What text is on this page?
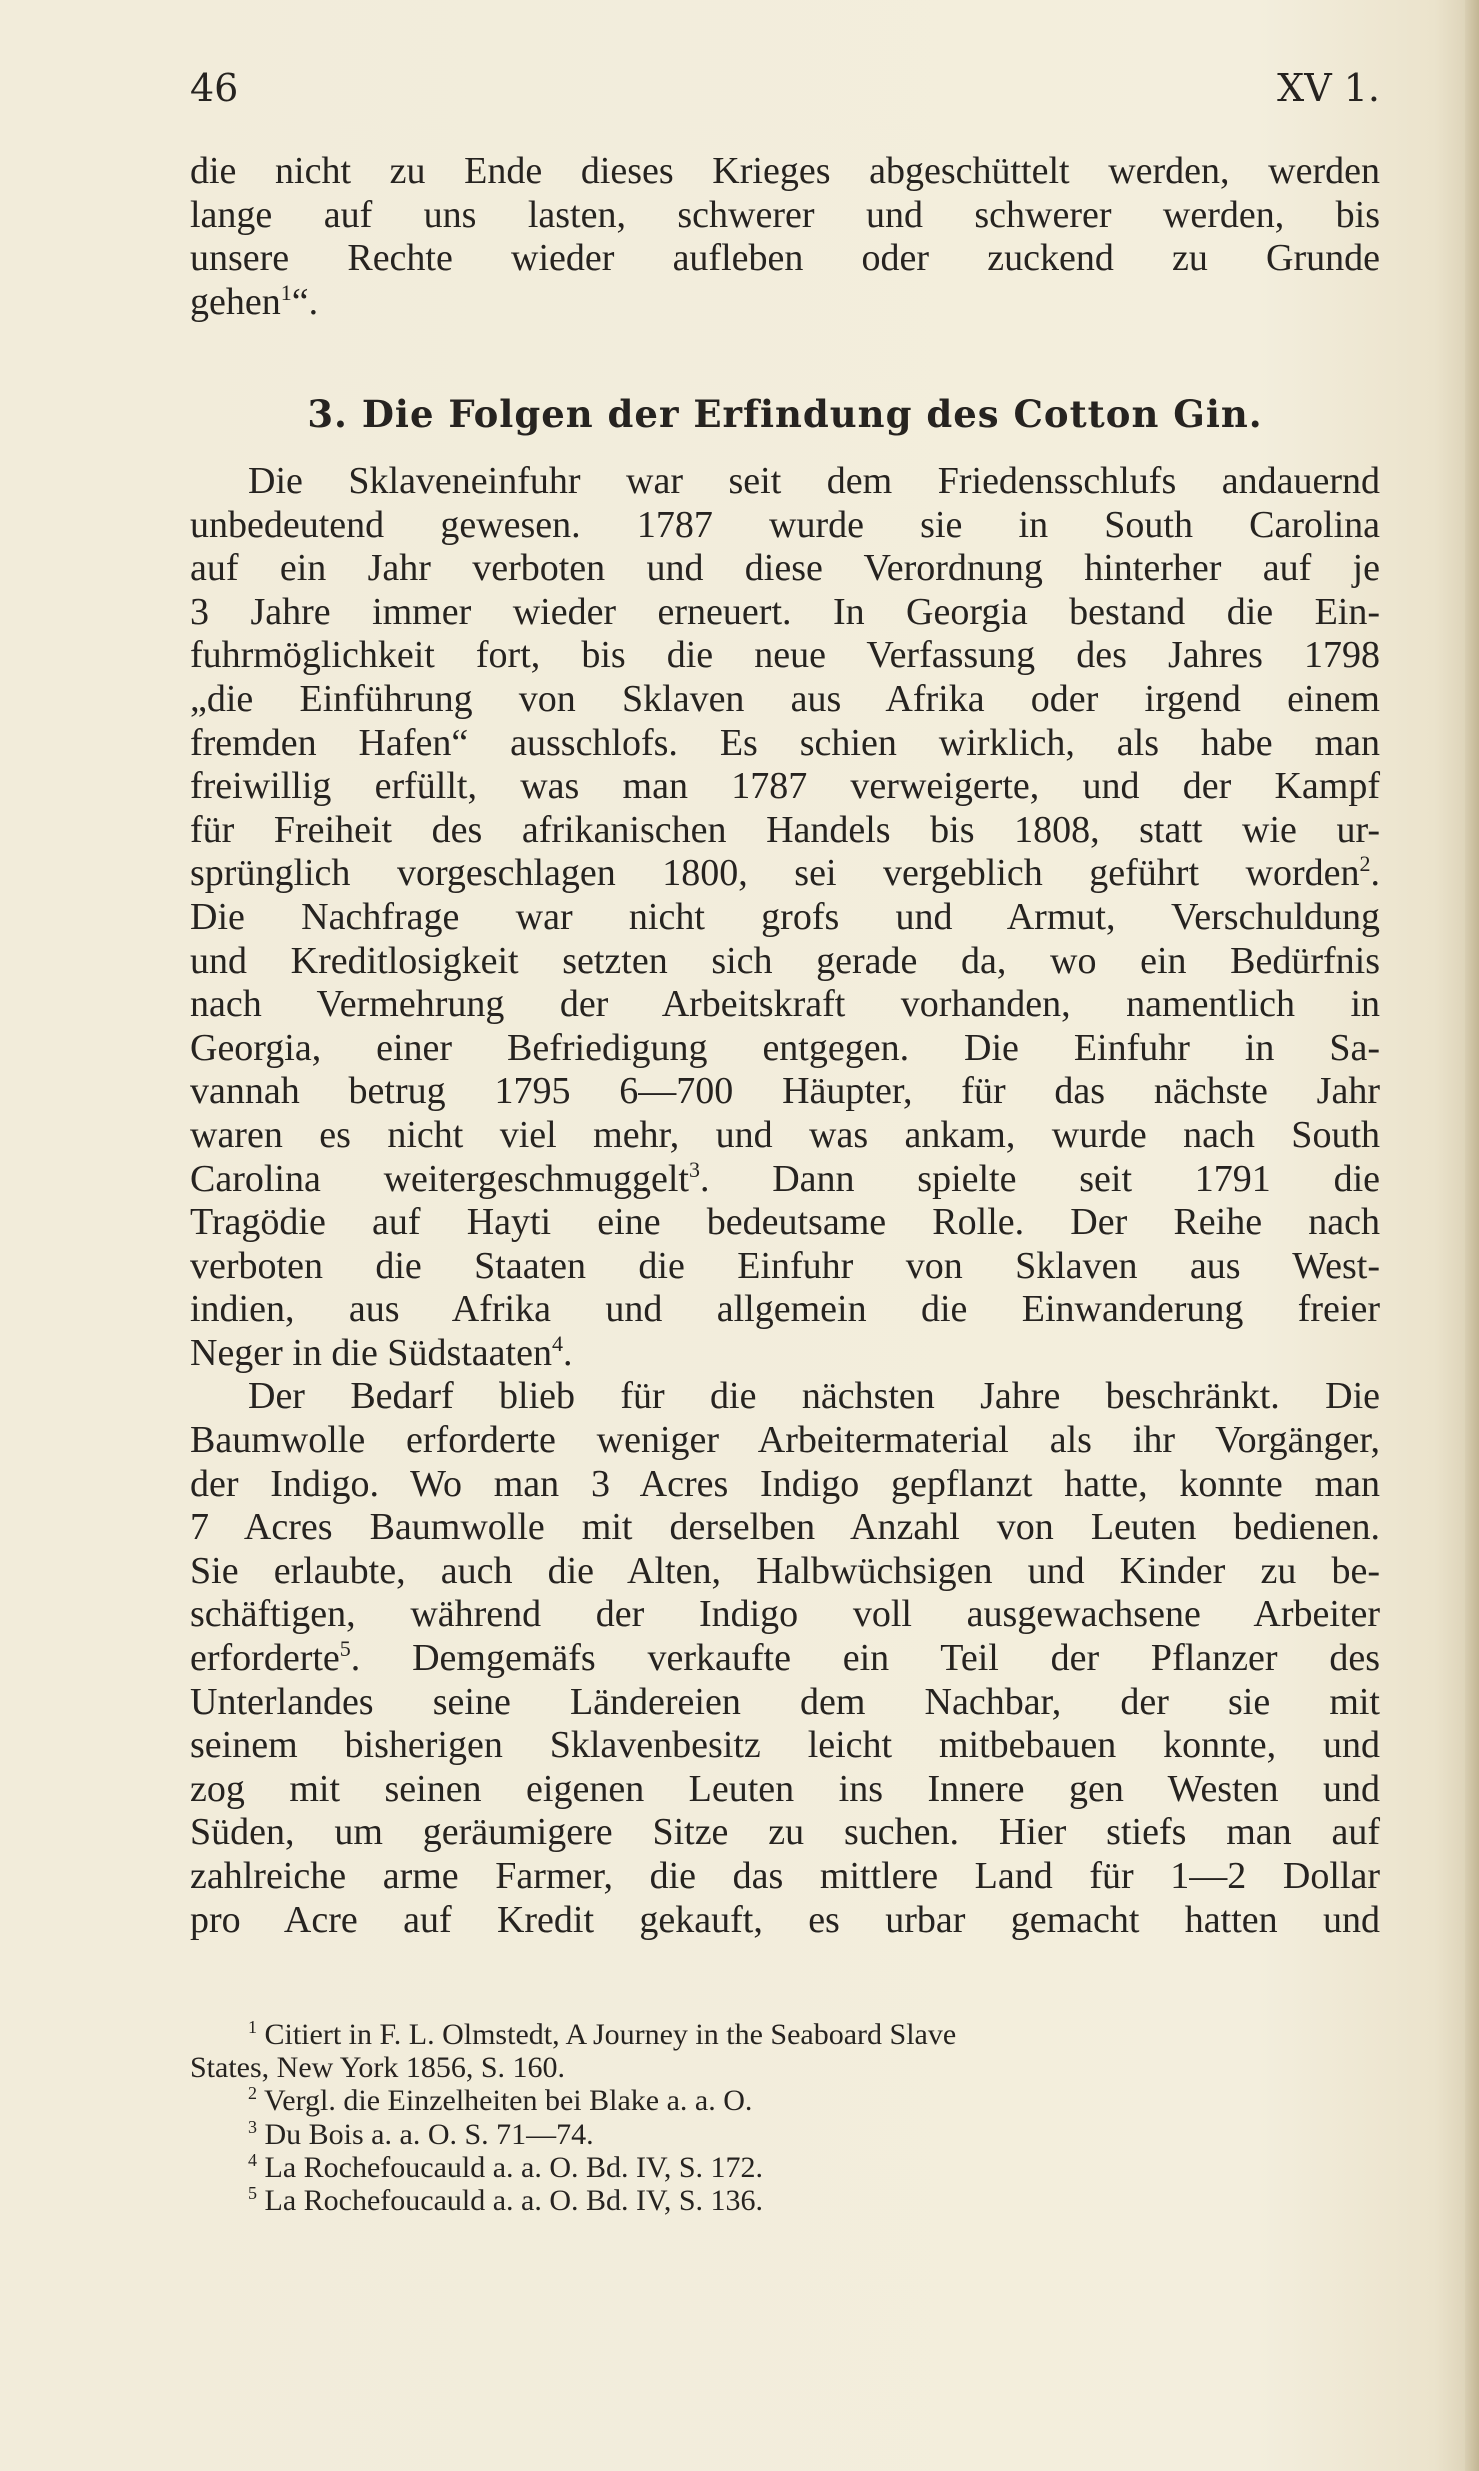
46	XV 1.
die nicht zu Ende dieses Krieges abgeschüttelt werden, werden
lange auf uns lasten, schwerer und schwerer werden, bis
unsere Rechte wieder aufleben oder zuckend zu Grunde
gehen$^1$“.
3. Die Folgen der Erfindung des Cotton Gin.
Die Sklaveneinfuhr war seit dem Friedensschlufs andauernd
unbedeutend gewesen. 1787 wurde sie in South Carolina
auf ein Jahr verboten und diese Verordnung hinterher auf je
3 Jahre immer wieder erneuert. In Georgia bestand die Ein-
fuhrmöglichkeit fort, bis die neue Verfassung des Jahres 1798
„die Einführung von Sklaven aus Afrika oder irgend einem
fremden Hafen“ ausschlofs. Es schien wirklich, als habe man
freiwillig erfüllt, was man 1787 verweigerte, und der Kampf
für Freiheit des afrikanischen Handels bis 1808, statt wie ur-
sprünglich vorgeschlagen 1800, sei vergeblich geführt worden$^2$.
Die Nachfrage war nicht grofs und Armut, Verschuldung
und Kreditlosigkeit setzten sich gerade da, wo ein Bedürfnis
nach Vermehrung der Arbeitskraft vorhanden, namentlich in
Georgia, einer Befriedigung entgegen. Die Einfuhr in Sa-
vannah betrug 1795 6—700 Häupter, für das nächste Jahr
waren es nicht viel mehr, und was ankam, wurde nach South
Carolina weitergeschmuggelt$^3$. Dann spielte seit 1791 die
Tragödie auf Hayti eine bedeutsame Rolle. Der Reihe nach
verboten die Staaten die Einfuhr von Sklaven aus West-
indien, aus Afrika und allgemein die Einwanderung freier
Neger in die Südstaaten$^4$.
Der Bedarf blieb für die nächsten Jahre beschränkt. Die
Baumwolle erforderte weniger Arbeitermaterial als ihr Vorgänger,
der Indigo. Wo man 3 Acres Indigo gepflanzt hatte, konnte man
7 Acres Baumwolle mit derselben Anzahl von Leuten bedienen.
Sie erlaubte, auch die Alten, Halbwüchsigen und Kinder zu be-
schäftigen, während der Indigo voll ausgewachsene Arbeiter
erforderte$^5$. Demgemäfs verkaufte ein Teil der Pflanzer des
Unterlandes seine Ländereien dem Nachbar, der sie mit
seinem bisherigen Sklavenbesitz leicht mitbebauen konnte, und
zog mit seinen eigenen Leuten ins Innere gen Westen und
Süden, um geräumigere Sitze zu suchen. Hier stiefs man auf
zahlreiche arme Farmer, die das mittlere Land für 1—2 Dollar
pro Acre auf Kredit gekauft, es urbar gemacht hatten und
$^1$ Citiert in F. L. Olmstedt, A Journey in the Seaboard Slave
States, New York 1856, S. 160.
$^2$ Vergl. die Einzelheiten bei Blake a. a. O.
$^3$ Du Bois a. a. O. S. 71—74.
$^4$ La Rochefoucauld a. a. O. Bd. IV, S. 172.
$^5$ La Rochefoucauld a. a. O. Bd. IV, S. 136.
